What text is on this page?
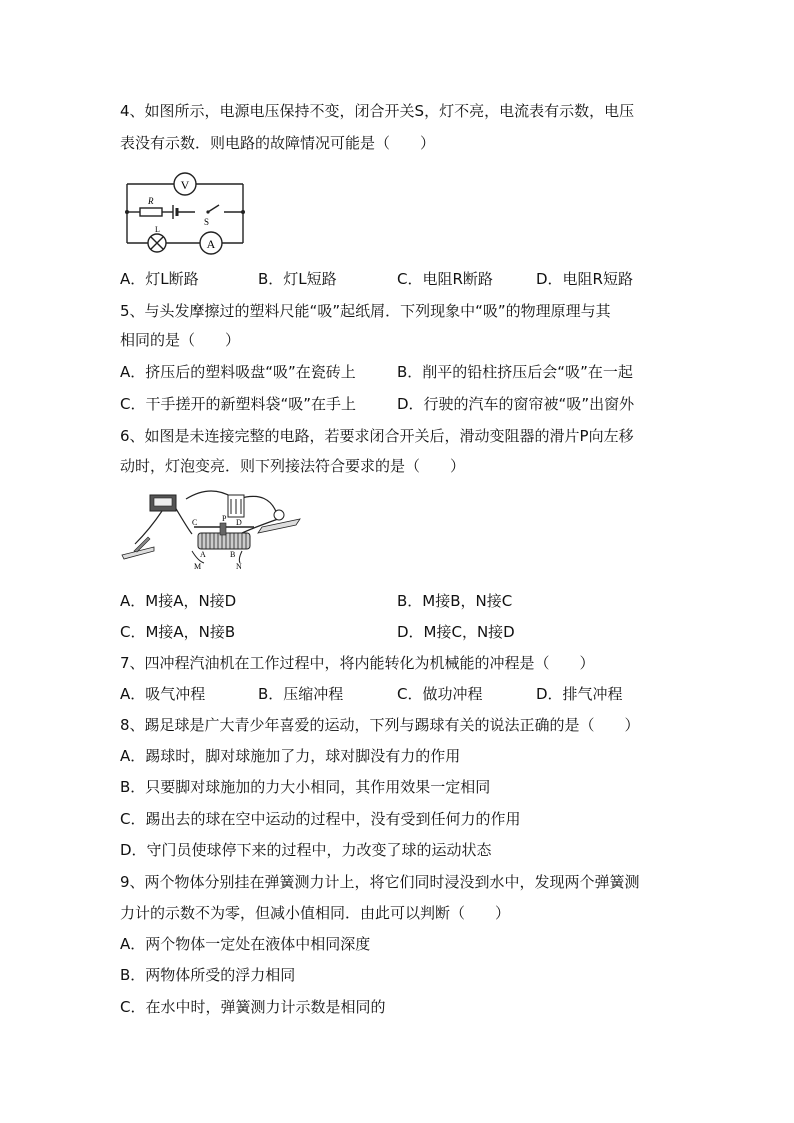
4、如图所示，电源电压保持不变，闭合开关S，灯不亮，电流表有示数，电压
表没有示数．则电路的故障情况可能是（　　）
V
A
R
S
L
A．灯L断路	B．灯L短路	C．电阻R断路	D．电阻R短路
5、与头发摩擦过的塑料尺能“吸”起纸屑．下列现象中“吸”的物理原理与其
相同的是（　　）
A．挤压后的塑料吸盘“吸”在瓷砖上	B．削平的铅柱挤压后会“吸”在一起
C．干手搓开的新塑料袋“吸”在手上	D．行驶的汽车的窗帘被“吸”出窗外
6、如图是未连接完整的电路，若要求闭合开关后，滑动变阻器的滑片P向左移
动时，灯泡变亮．则下列接法符合要求的是（　　）
C	P D
A	B
M	N
A．M接A，N接D	B．M接B，N接C
C．M接A，N接B	D．M接C，N接D
7、四冲程汽油机在工作过程中，将内能转化为机械能的冲程是（　　）
A．吸气冲程	B．压缩冲程	C．做功冲程	D．排气冲程
8、踢足球是广大青少年喜爱的运动，下列与踢球有关的说法正确的是（　　）
A．踢球时，脚对球施加了力，球对脚没有力的作用
B．只要脚对球施加的力大小相同，其作用效果一定相同
C．踢出去的球在空中运动的过程中，没有受到任何力的作用
D．守门员使球停下来的过程中，力改变了球的运动状态
9、两个物体分别挂在弹簧测力计上，将它们同时浸没到水中，发现两个弹簧测
力计的示数不为零，但减小值相同．由此可以判断（　　）
A．两个物体一定处在液体中相同深度
B．两物体所受的浮力相同
C．在水中时，弹簧测力计示数是相同的
